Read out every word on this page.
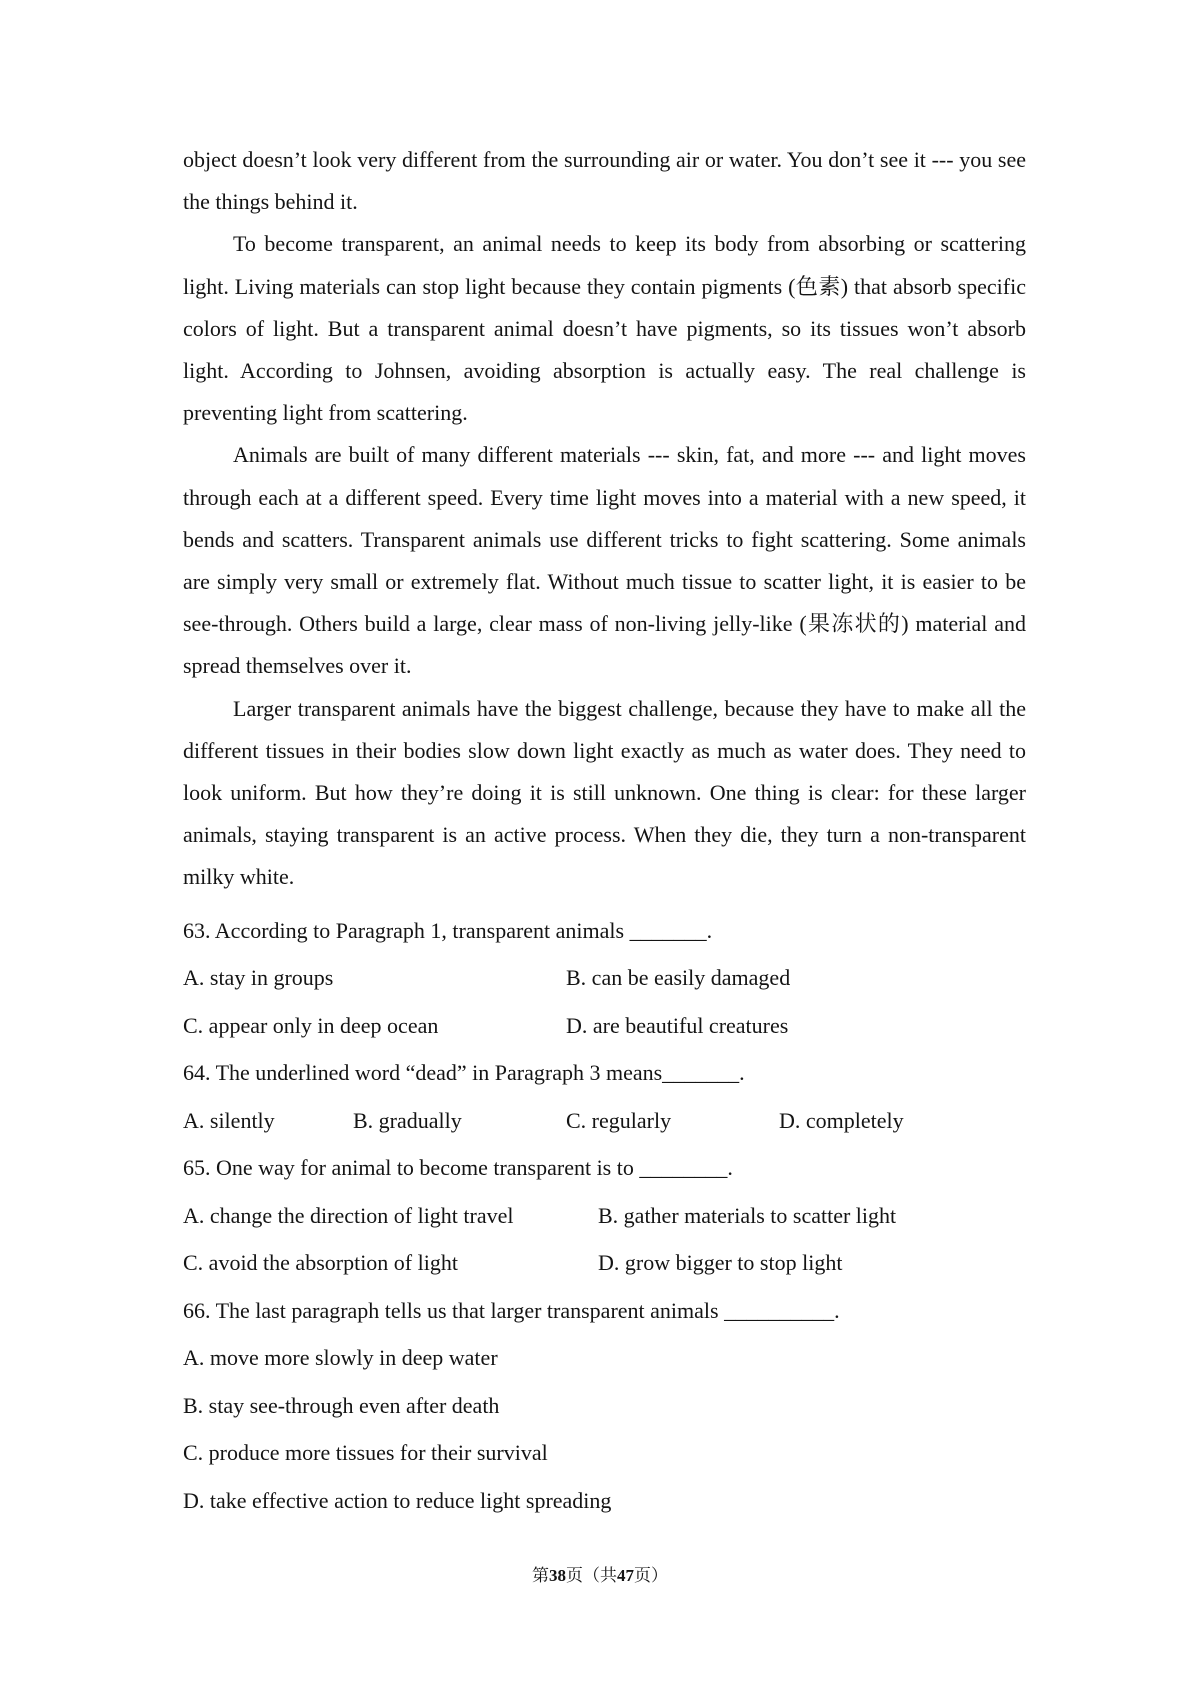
object doesn’t look very different from the surrounding air or water. You don’t see it --- you see the things behind it.

To become transparent, an animal needs to keep its body from absorbing or scattering light. Living materials can stop light because they contain pigments (色素) that absorb specific colors of light. But a transparent animal doesn’t have pigments, so its tissues won’t absorb light. According to Johnsen, avoiding absorption is actually easy. The real challenge is preventing light from scattering.

Animals are built of many different materials --- skin, fat, and more --- and light moves through each at a different speed. Every time light moves into a material with a new speed, it bends and scatters. Transparent animals use different tricks to fight scattering. Some animals are simply very small or extremely flat. Without much tissue to scatter light, it is easier to be see-through. Others build a large, clear mass of non-living jelly-like (果冻状的) material and spread themselves over it.

Larger transparent animals have the biggest challenge, because they have to make all the different tissues in their bodies slow down light exactly as much as water does. They need to look uniform. But how they’re doing it is still unknown. One thing is clear: for these larger animals, staying transparent is an active process. When they die, they turn a non-transparent milky white.

63. According to Paragraph 1, transparent animals _______.

A. stay in groups	B. can be easily damaged
C. appear only in deep ocean	D. are beautiful creatures

64. The underlined word “dead” in Paragraph 3 means_______.

A. silently	B. gradually	C. regularly	D. completely

65. One way for animal to become transparent is to ________.

A. change the direction of light travel	B. gather materials to scatter light
C. avoid the absorption of light	D. grow bigger to stop light

66. The last paragraph tells us that larger transparent animals __________.

A. move more slowly in deep water
B. stay see-through even after death
C. produce more tissues for their survival
D. take effective action to reduce light spreading
第38页（共47页）
